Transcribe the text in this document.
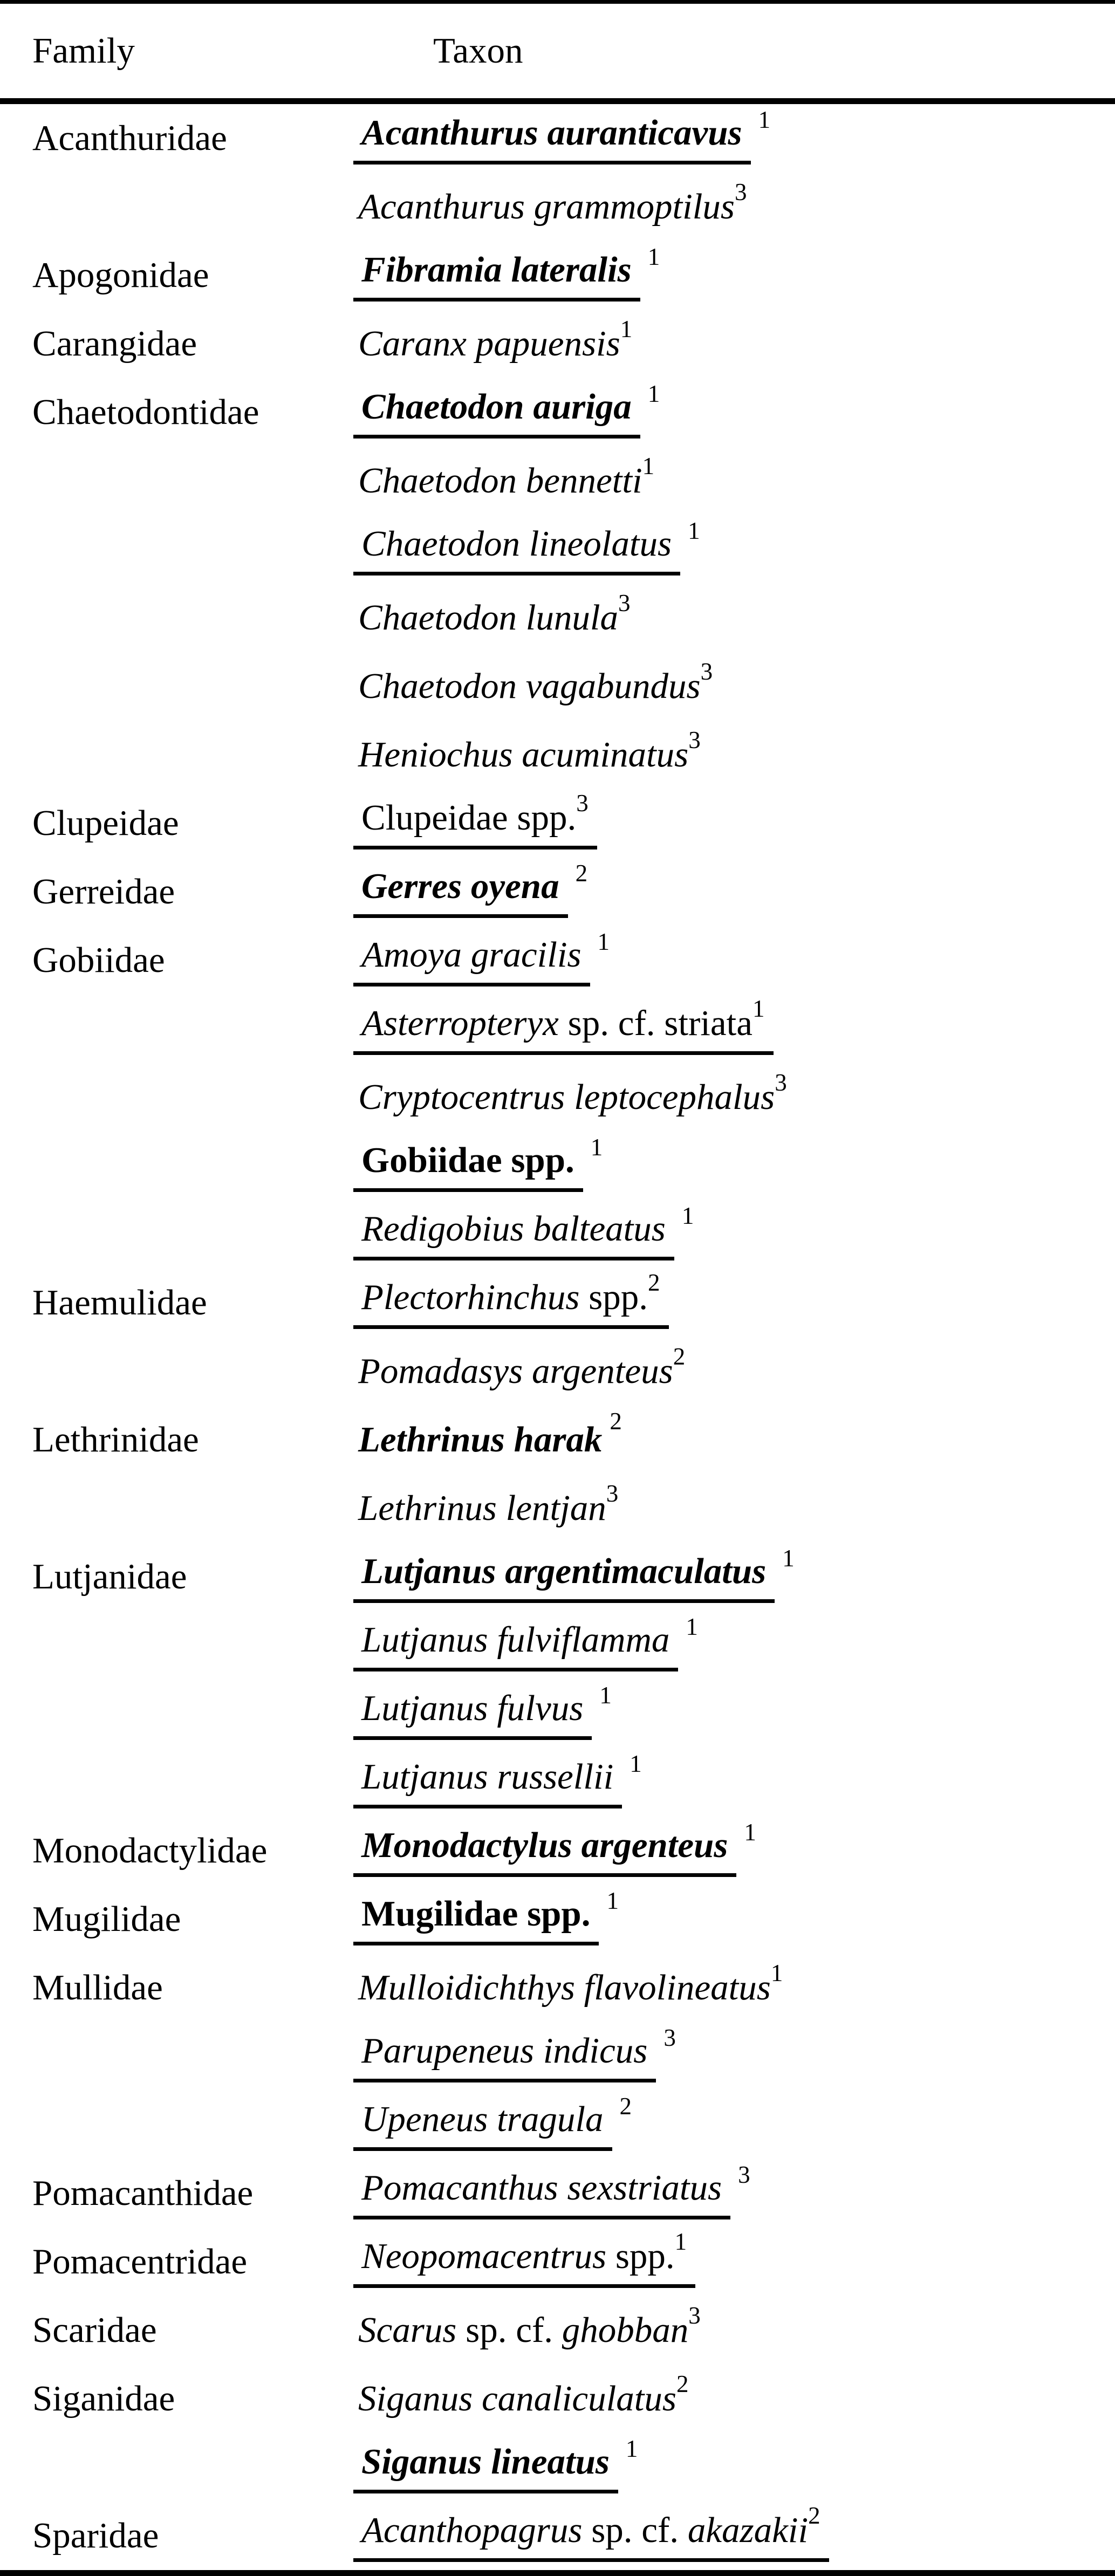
Family	Taxon
Acanthuridae	Acanthurus auranticavus 1
Acanthurus grammoptilus$^3$
Apogonidae	Fibramia lateralis 1
Carangidae	Caranx papuensis$^1$
Chaetodontidae	Chaetodon auriga 1
Chaetodon bennetti$^1$
Chaetodon lineolatus 1
Chaetodon lunula$^3$
Chaetodon vagabundus$^3$
Heniochus acuminatus$^3$
Clupeidae	Clupeidae spp.$^3$
Gerreidae	Gerres oyena 2
Gobiidae	Amoya gracilis 1
Asterropteryx sp. cf. striata$^1$
Cryptocentrus leptocephalus$^3$
Gobiidae spp. 1
Redigobius balteatus 1
Haemulidae	Plectorhinchus spp.$^2$
Pomadasys argenteus$^2$
Lethrinidae	Lethrinus harak 2
Lethrinus lentjan$^3$
Lutjanidae	Lutjanus argentimaculatus 1
Lutjanus fulviflamma 1
Lutjanus fulvus 1
Lutjanus russellii 1
Monodactylidae	Monodactylus argenteus 1
Mugilidae	Mugilidae spp. 1
Mullidae	Mulloidichthys flavolineatus$^1$
Parupeneus indicus 3
Upeneus tragula 2
Pomacanthidae	Pomacanthus sexstriatus 3
Pomacentridae	Neopomacentrus spp.$^1$
Scaridae	Scarus sp. cf. ghobban$^3$
Siganidae	Siganus canaliculatus$^2$
Siganus lineatus 1
Sparidae	Acanthopagrus sp. cf. akazakii$^2$
